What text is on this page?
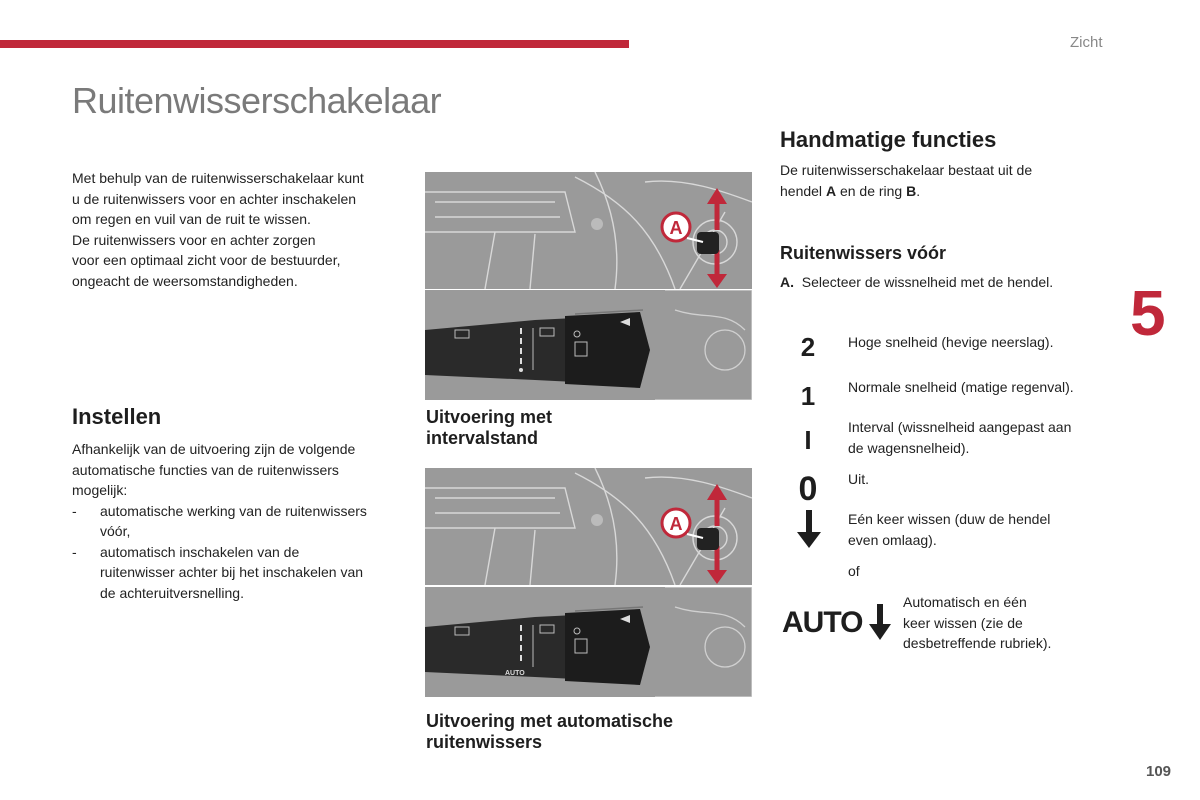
Zicht
Ruitenwisserschakelaar
Met behulp van de ruitenwisserschakelaar kunt
u de ruitenwissers voor en achter inschakelen
om regen en vuil van de ruit te wissen.
De ruitenwissers voor en achter zorgen
voor een optimaal zicht voor de bestuurder,
ongeacht de weersomstandigheden.
Instellen
Afhankelijk van de uitvoering zijn de volgende
automatische functies van de ruitenwissers
mogelijk:
- automatische werking van de ruitenwissers
vóór,
- automatisch inschakelen van de
ruitenwisser achter bij het inschakelen van
de achteruitversnelling.
A
Uitvoering met
intervalstand
A
AUTO
Uitvoering met automatische
ruitenwissers
Handmatige functies
De ruitenwisserschakelaar bestaat uit de
hendel A en de ring B.
Ruitenwissers vóór
A. Selecteer de wissnelheid met de hendel. 5
2	Hoge snelheid (hevige neerslag).
1	Normale snelheid (matige regenval).
I	Interval (wissnelheid aangepast aan
de wagensnelheid).
0	Uit.
Eén keer wissen (duw de hendel
even omlaag).
of
AUTO
Automatisch en één
keer wissen (zie de
desbetreffende rubriek).
109
